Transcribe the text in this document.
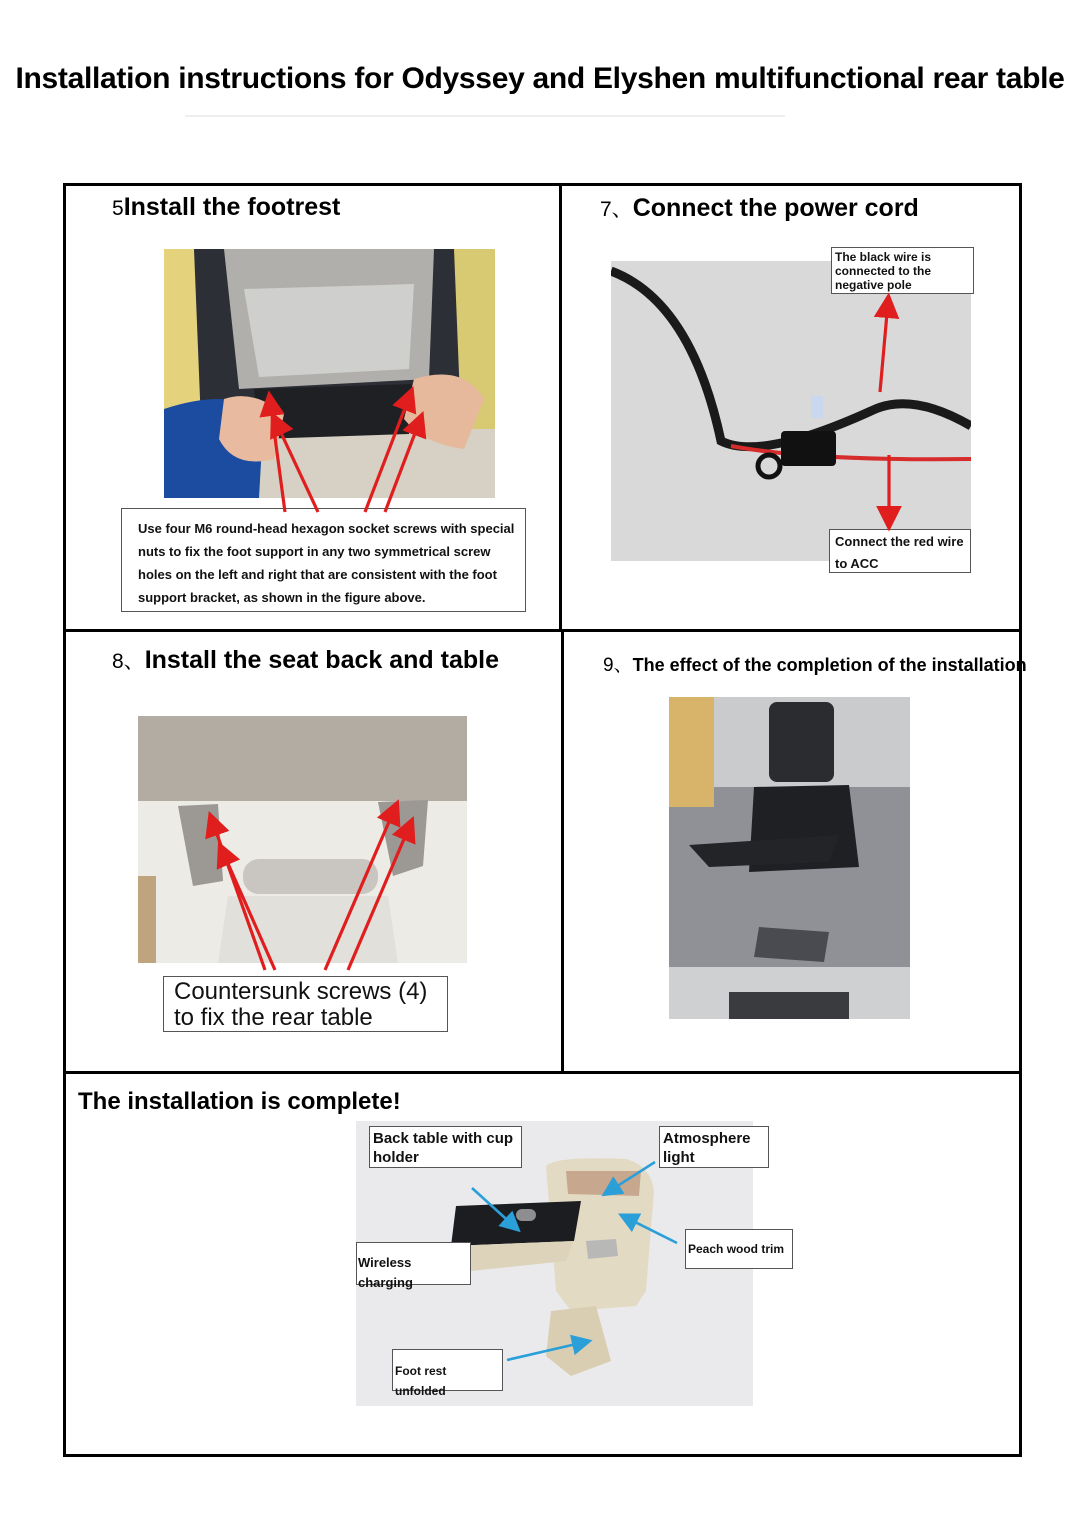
Installation instructions for Odyssey and Elyshen multifunctional rear table
5Install the footrest
Use four M6 round-head hexagon socket screws with special nuts to fix the foot support in any two symmetrical screw holes on the left and right that are consistent with the foot support bracket, as shown in the figure above.
7、Connect the power cord
The black wire is connected to the negative pole
Connect the red wire to ACC
8、Install the seat back and table
Countersunk screws (4) to fix the rear table
9、The effect of the completion of the installation
The installation is complete!
Back table with cup holder
Atmosphere light
Peach wood trim
Wireless charging
Foot rest unfolded
